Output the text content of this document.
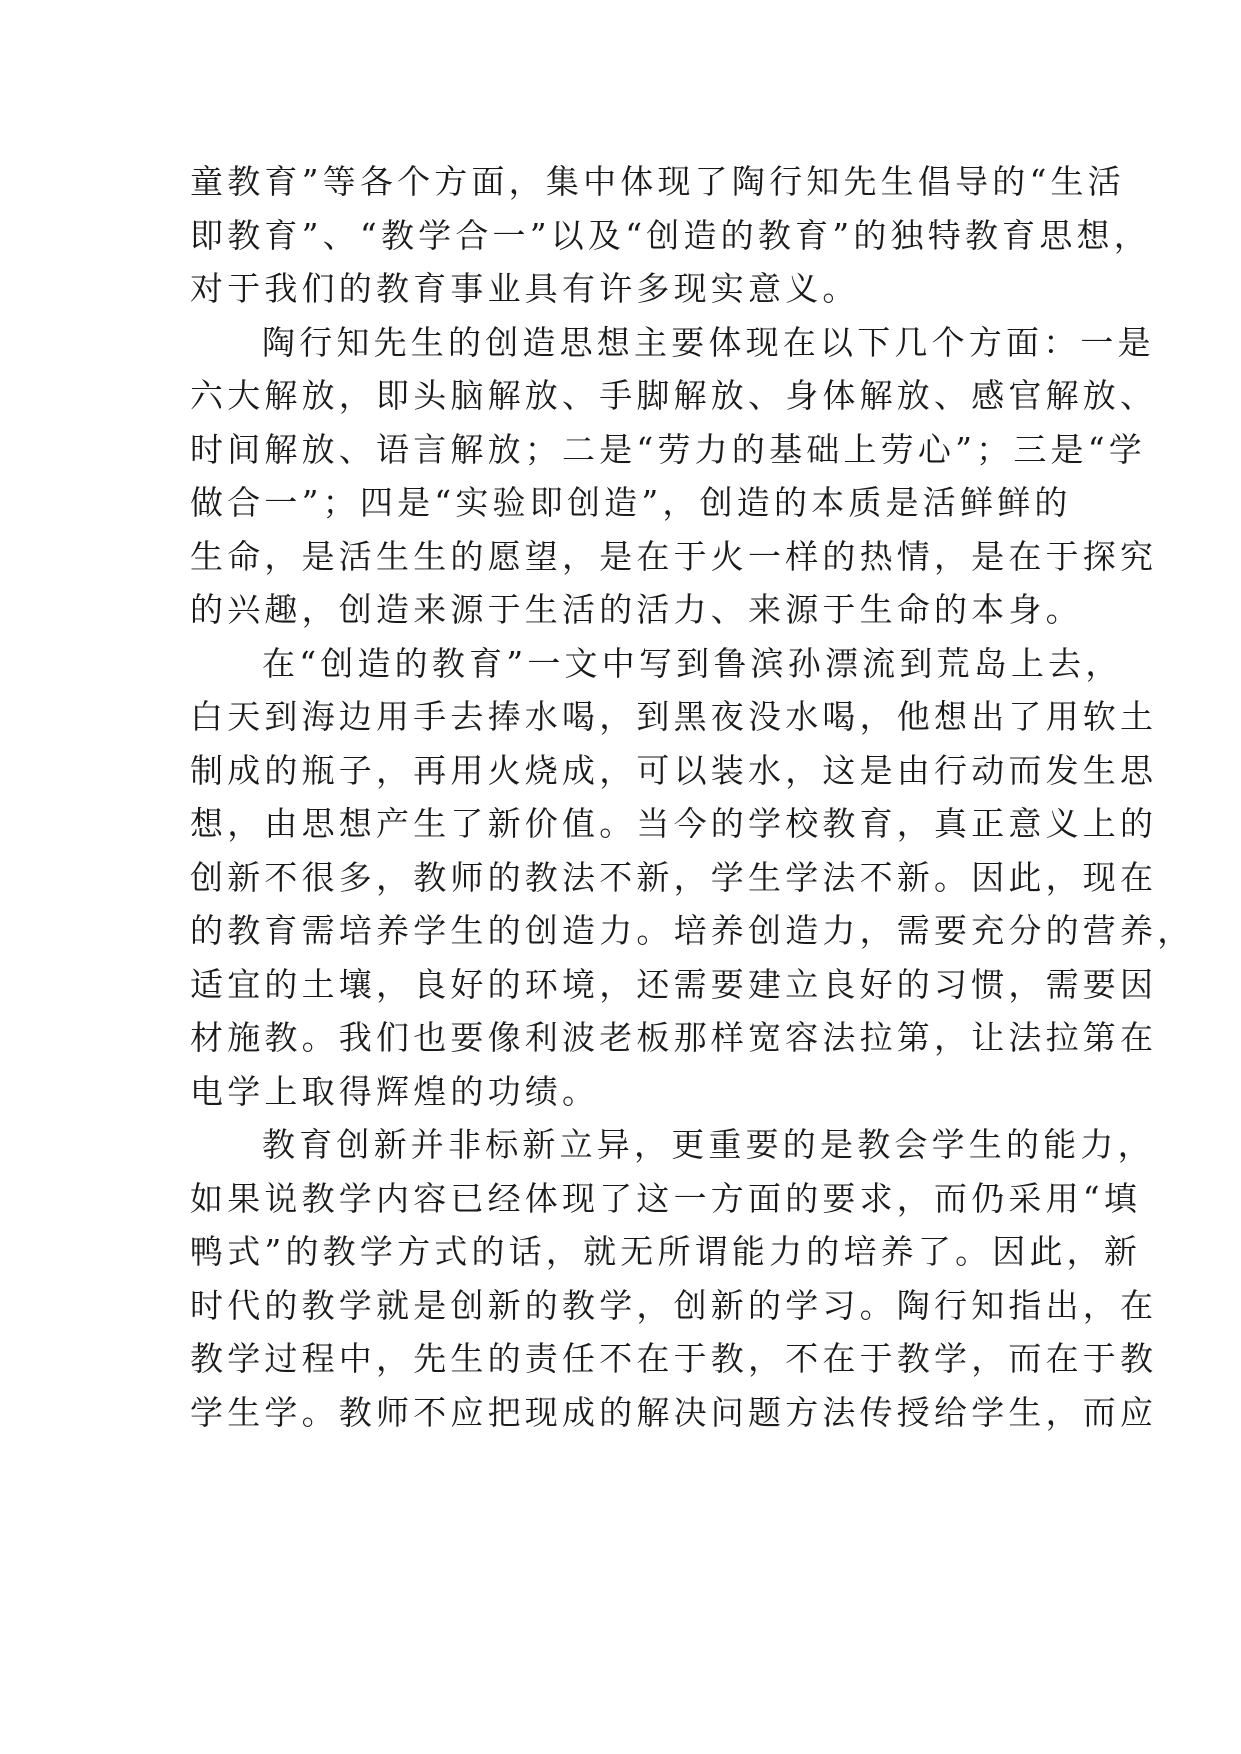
童教育”等各个方面，集中体现了陶行知先生倡导的“生活
即教育”、“教学合一”以及“创造的教育”的独特教育思想，
对于我们的教育事业具有许多现实意义。
陶行知先生的创造思想主要体现在以下几个方面：一是
六大解放，即头脑解放、手脚解放、身体解放、感官解放、
时间解放、语言解放；二是“劳力的基础上劳心”；三是“学
做合一”；四是“实验即创造”，创造的本质是活鲜鲜的
生命，是活生生的愿望，是在于火一样的热情，是在于探究
的兴趣，创造来源于生活的活力、来源于生命的本身。
在“创造的教育”一文中写到鲁滨孙漂流到荒岛上去，
白天到海边用手去捧水喝，到黑夜没水喝，他想出了用软土
制成的瓶子，再用火烧成，可以装水，这是由行动而发生思
想，由思想产生了新价值。当今的学校教育，真正意义上的
创新不很多，教师的教法不新，学生学法不新。因此，现在
的教育需培养学生的创造力。培养创造力，需要充分的营养，
适宜的土壤，良好的环境，还需要建立良好的习惯，需要因
材施教。我们也要像利波老板那样宽容法拉第，让法拉第在
电学上取得辉煌的功绩。
教育创新并非标新立异，更重要的是教会学生的能力，
如果说教学内容已经体现了这一方面的要求，而仍采用“填
鸭式”的教学方式的话，就无所谓能力的培养了。因此，新
时代的教学就是创新的教学，创新的学习。陶行知指出，在
教学过程中，先生的责任不在于教，不在于教学，而在于教
学生学。教师不应把现成的解决问题方法传授给学生，而应
